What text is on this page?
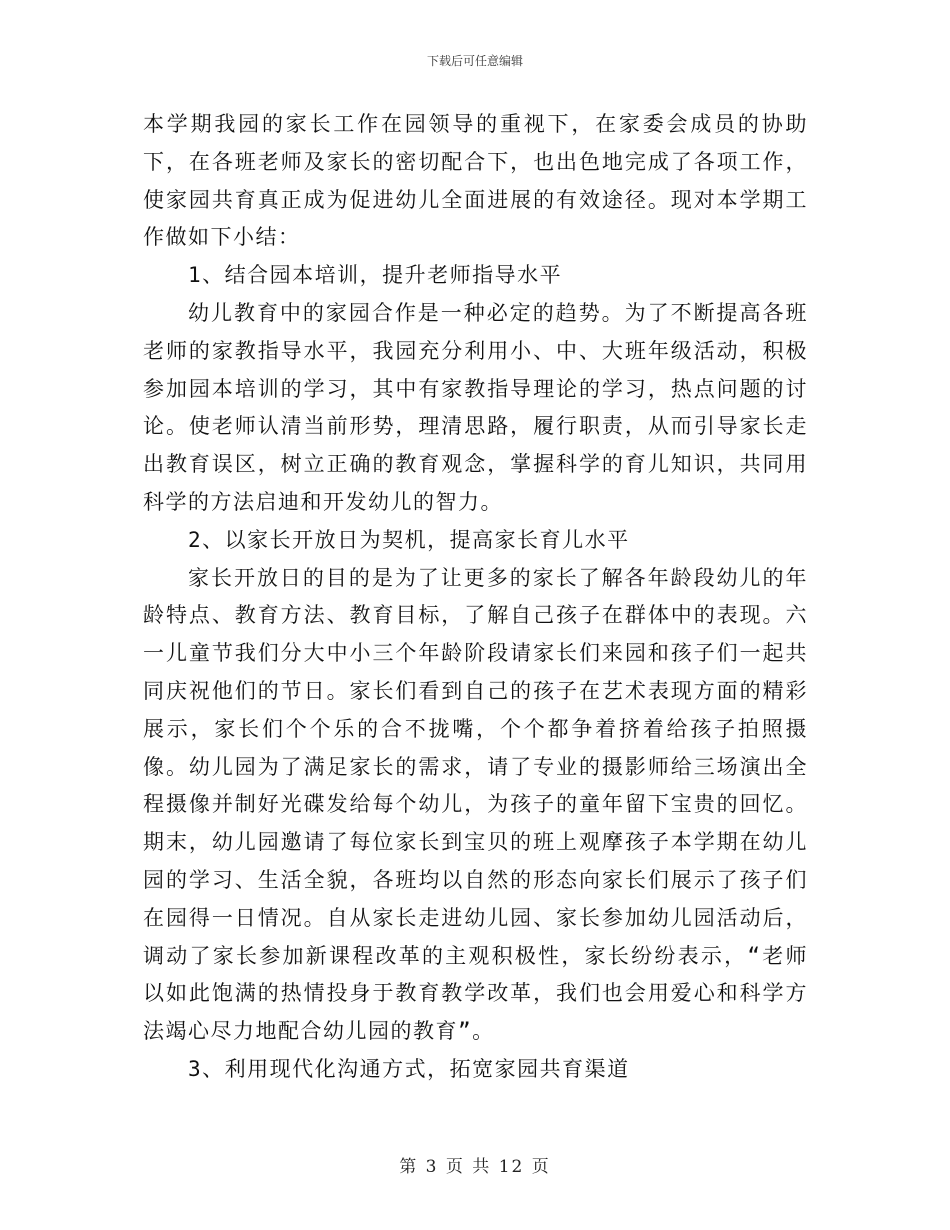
下载后可任意编辑

本学期我园的家长工作在园领导的重视下，在家委会成员的协助下，在各班老师及家长的密切配合下，也出色地完成了各项工作，使家园共育真正成为促进幼儿全面进展的有效途径。现对本学期工作做如下小结：

1、结合园本培训，提升老师指导水平

幼儿教育中的家园合作是一种必定的趋势。为了不断提高各班老师的家教指导水平，我园充分利用小、中、大班年级活动，积极参加园本培训的学习，其中有家教指导理论的学习，热点问题的讨论。使老师认清当前形势，理清思路，履行职责，从而引导家长走出教育误区，树立正确的教育观念，掌握科学的育儿知识，共同用科学的方法启迪和开发幼儿的智力。

2、以家长开放日为契机，提高家长育儿水平

家长开放日的目的是为了让更多的家长了解各年龄段幼儿的年龄特点、教育方法、教育目标，了解自己孩子在群体中的表现。六一儿童节我们分大中小三个年龄阶段请家长们来园和孩子们一起共同庆祝他们的节日。家长们看到自己的孩子在艺术表现方面的精彩展示，家长们个个乐的合不拢嘴，个个都争着挤着给孩子拍照摄像。幼儿园为了满足家长的需求，请了专业的摄影师给三场演出全程摄像并制好光碟发给每个幼儿，为孩子的童年留下宝贵的回忆。期末，幼儿园邀请了每位家长到宝贝的班上观摩孩子本学期在幼儿园的学习、生活全貌，各班均以自然的形态向家长们展示了孩子们在园得一日情况。自从家长走进幼儿园、家长参加幼儿园活动后，调动了家长参加新课程改革的主观积极性，家长纷纷表示，“老师以如此饱满的热情投身于教育教学改革，我们也会用爱心和科学方法竭心尽力地配合幼儿园的教育”。

3、利用现代化沟通方式，拓宽家园共育渠道

第 3 页 共 12 页
